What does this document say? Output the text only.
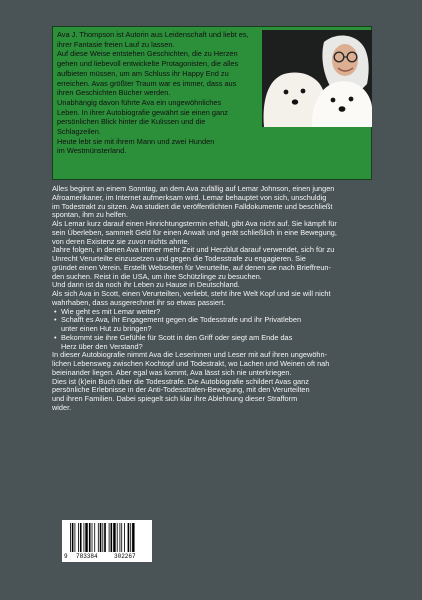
Ava J. Thompson ist Autorin aus Leidenschaft und liebt es,
ihrer Fantasie freien Lauf zu lassen.
Auf diese Weise entstehen Geschichten, die zu Herzen
gehen und liebevoll entwickelte Protagonisten, die alles
aufbieten müssen, um am Schluss ihr Happy End zu
erreichen. Avas größter Traum war es immer, dass aus
ihren Geschichten Bücher werden.
Unabhängig davon führte Ava ein ungewöhnliches
Leben. In ihrer Autobiografie gewährt sie einen ganz
persönlichen Blick hinter die Kulissen und die
Schlagzeilen.
Heute lebt sie mit ihrem Mann und zwei Hunden
im Westmünsterland.
Alles beginnt an einem Sonntag, an dem Ava zufällig auf Lemar Johnson, einen jungen
Afroamerikaner, im Internet aufmerksam wird. Lemar behauptet von sich, unschuldig
im Todestrakt zu sitzen. Ava studiert die veröffentlichten Falldokumente und beschließt
spontan, ihm zu helfen.
Als Lemar kurz darauf einen Hinrichtungstermin erhält, gibt Ava nicht auf. Sie kämpft für
sein Überleben, sammelt Geld für einen Anwalt und gerät schließlich in eine Bewegung,
von deren Existenz sie zuvor nichts ahnte.
Jahre folgen, in denen Ava immer mehr Zeit und Herzblut darauf verwendet, sich für zu
Unrecht Verurteilte einzusetzen und gegen die Todesstrafe zu engagieren. Sie
gründet einen Verein. Erstellt Webseiten für Verurteilte, auf denen sie nach Brieffreun-
den suchen. Reist in die USA, um ihre Schützlinge zu besuchen.
Und dann ist da noch ihr Leben zu Hause in Deutschland.
Als sich Ava in Scott, einen Verurteilten, verliebt, steht ihre Welt Kopf und sie will nicht
wahrhaben, dass ausgerechnet ihr so etwas passiert.
• Wie geht es mit Lemar weiter?
• Schafft es Ava, ihr Engagement gegen die Todesstrafe und ihr Privatleben
unter einen Hut zu bringen?
• Bekommt sie ihre Gefühle für Scott in den Griff oder siegt am Ende das
Herz über den Verstand?
In dieser Autobiografie nimmt Ava die Leserinnen und Leser mit auf ihren ungewöhn-
lichen Lebensweg zwischen Kochtopf und Todestrakt, wo Lachen und Weinen oft nah
beieinander liegen. Aber egal was kommt, Ava lässt sich nie unterkriegen.
Dies ist (k)ein Buch über die Todesstrafe. Die Autobiografie schildert Avas ganz
persönliche Erlebnisse in der Anti-Todesstrafen-Bewegung, mit den Verurteilten
und ihren Familien. Dabei spiegelt sich klar ihre Ablehnung dieser Strafform
wider.
9 783384	302267
